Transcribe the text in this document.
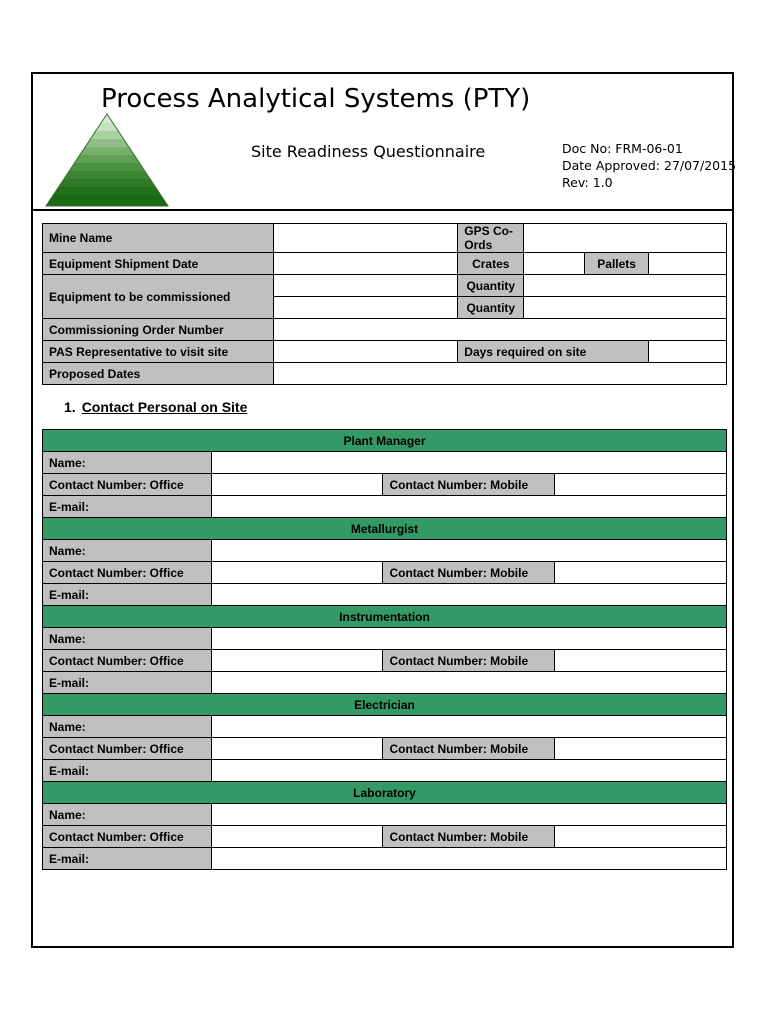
Process Analytical Systems (PTY)
Site Readiness Questionnaire	Doc No: FRM-06-01
Date Approved: 27/07/2015
Rev: 1.0
Mine Name		GPS Co-Ords			
Equipment Shipment Date		Crates		Pallets	
Equipment to be commissioned		Quantity			
		Quantity			
Commissioning Order Number					
PAS Representative to visit site		Days required on site			
Proposed Dates					
1. Contact Personal on Site
Plant Manager			
Name:			
Contact Number: Office		Contact Number: Mobile	
E-mail:			
Metallurgist			
Name:			
Contact Number: Office		Contact Number: Mobile	
E-mail:			
Instrumentation			
Name:			
Contact Number: Office		Contact Number: Mobile	
E-mail:			
Electrician			
Name:			
Contact Number: Office		Contact Number: Mobile	
E-mail:			
Laboratory			
Name:			
Contact Number: Office		Contact Number: Mobile	
E-mail:			
